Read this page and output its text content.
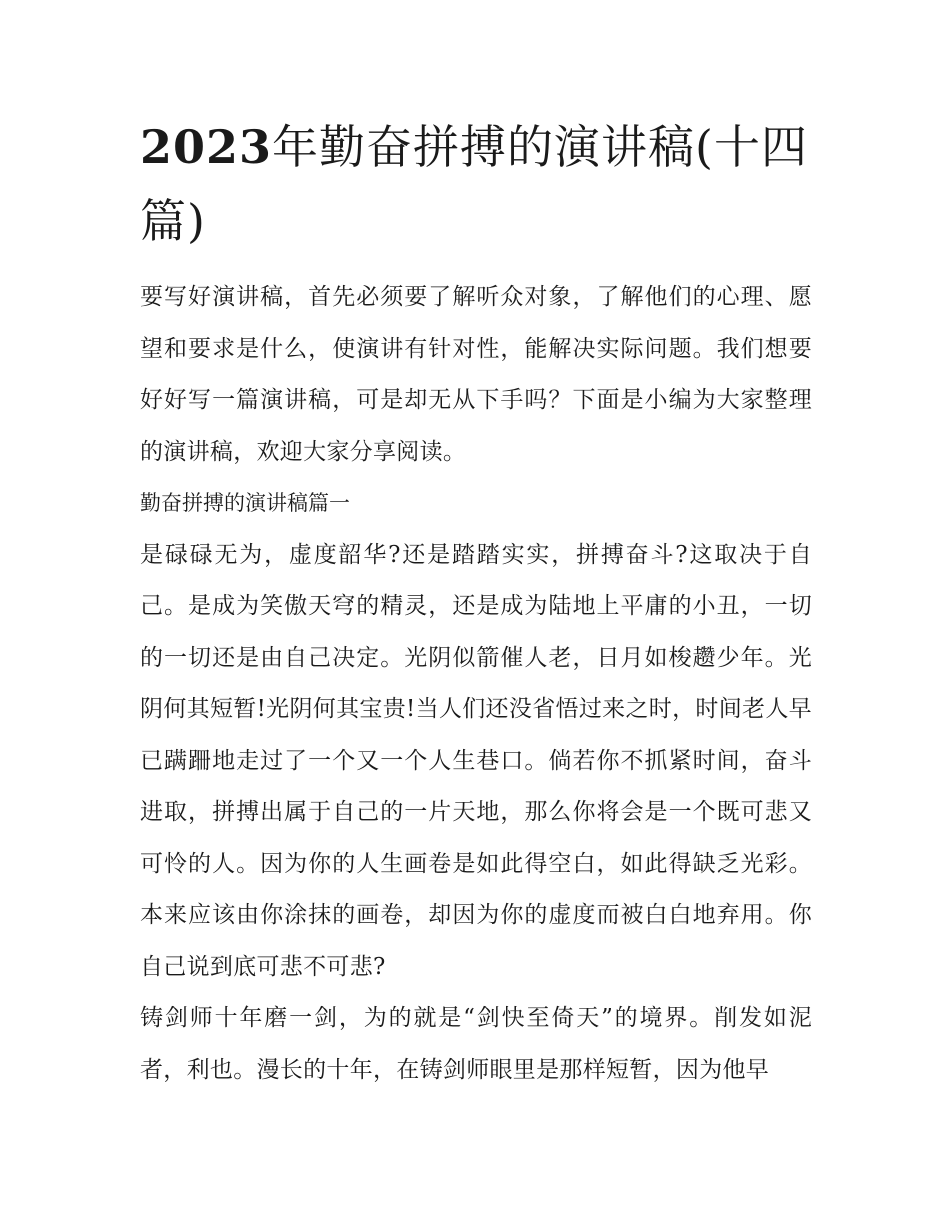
2023年勤奋拼搏的演讲稿(十四篇)

要写好演讲稿，首先必须要了解听众对象，了解他们的心理、愿望和要求是什么，使演讲有针对性，能解决实际问题。我们想要好好写一篇演讲稿，可是却无从下手吗？下面是小编为大家整理的演讲稿，欢迎大家分享阅读。

勤奋拼搏的演讲稿篇一

是碌碌无为，虚度韶华?还是踏踏实实，拼搏奋斗?这取决于自己。是成为笑傲天穹的精灵，还是成为陆地上平庸的小丑，一切的一切还是由自己决定。光阴似箭催人老，日月如梭趱少年。光阴何其短暂!光阴何其宝贵!当人们还没省悟过来之时，时间老人早已蹒跚地走过了一个又一个人生巷口。倘若你不抓紧时间，奋斗进取，拼搏出属于自己的一片天地，那么你将会是一个既可悲又可怜的人。因为你的人生画卷是如此得空白，如此得缺乏光彩。本来应该由你涂抹的画卷，却因为你的虚度而被白白地弃用。你自己说到底可悲不可悲?

铸剑师十年磨一剑，为的就是“剑快至倚天”的境界。削发如泥者，利也。漫长的十年，在铸剑师眼里是那样短暂，因为他早
